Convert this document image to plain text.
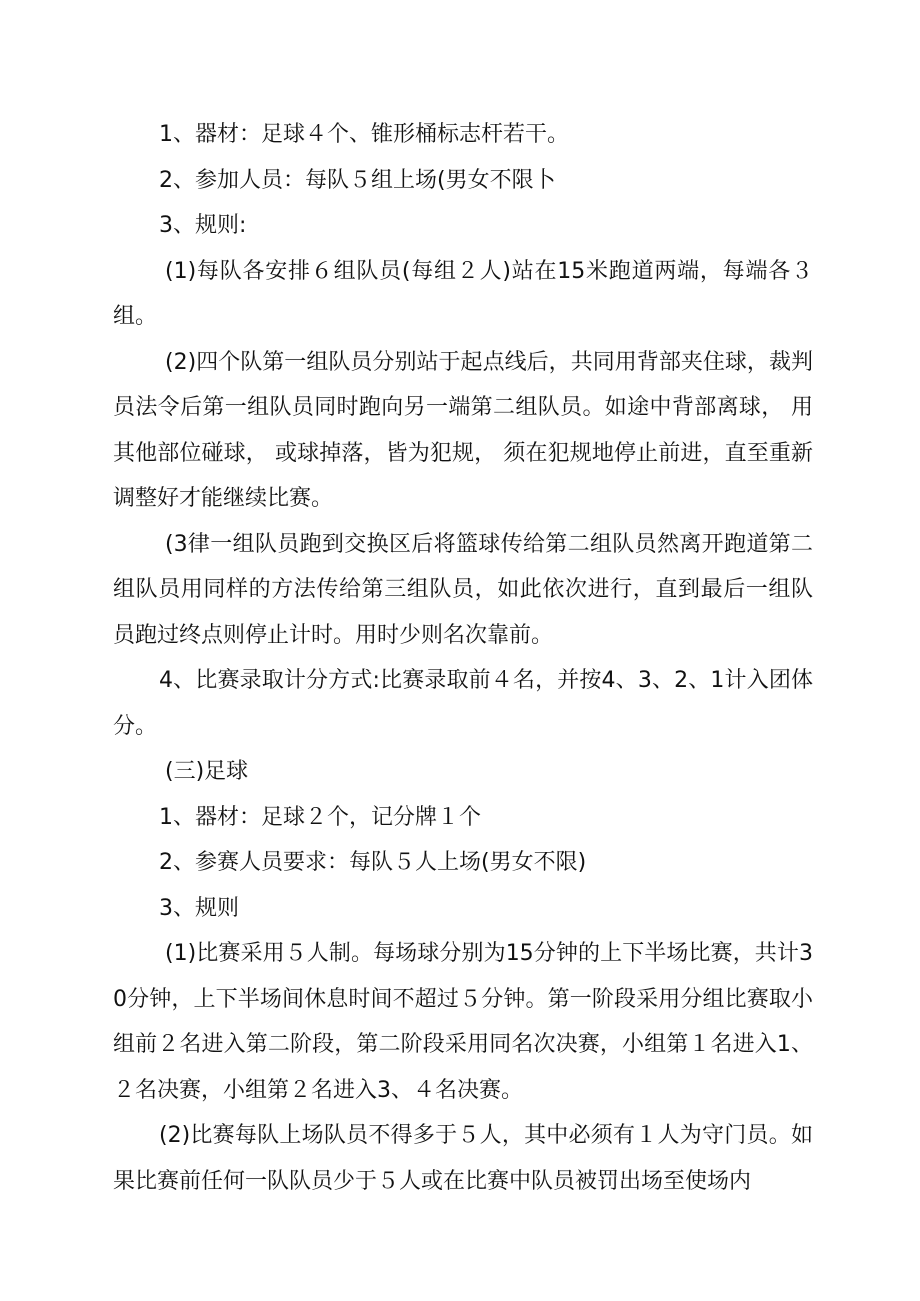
1、器材：足球４个、锥形桶标志杆若干。

2、参加人员：每队５组上场(男女不限卜

3、规则:

(1)每队各安排６组队员(每组２人)站在15米跑道两端，每端各３组。

(2)四个队第一组队员分别站于起点线后，共同用背部夹住球，裁判员法令后第一组队员同时跑向另一端第二组队员。如途中背部离球， 用其他部位碰球， 或球掉落，皆为犯规， 须在犯规地停止前进，直至重新调整好才能继续比赛。

(3律一组队员跑到交换区后将篮球传给第二组队员然离开跑道第二组队员用同样的方法传给第三组队员，如此依次进行，直到最后一组队员跑过终点则停止计时。用时少则名次靠前。

4、比赛录取计分方式:比赛录取前４名，并按4、3、2、1计入团体分。

(三)足球

1、器材：足球２个，记分牌１个

2、参赛人员要求：每队５人上场(男女不限)

3、规则

(1)比赛采用５人制。每场球分别为15分钟的上下半场比赛，共计30分钟，上下半场间休息时间不超过５分钟。第一阶段采用分组比赛取小组前２名进入第二阶段，第二阶段采用同名次决赛，小组第１名进入1、２名决赛，小组第２名进入3、４名决赛。

(2)比赛每队上场队员不得多于５人，其中必须有１人为守门员。如果比赛前任何一队队员少于５人或在比赛中队员被罚出场至使场内
